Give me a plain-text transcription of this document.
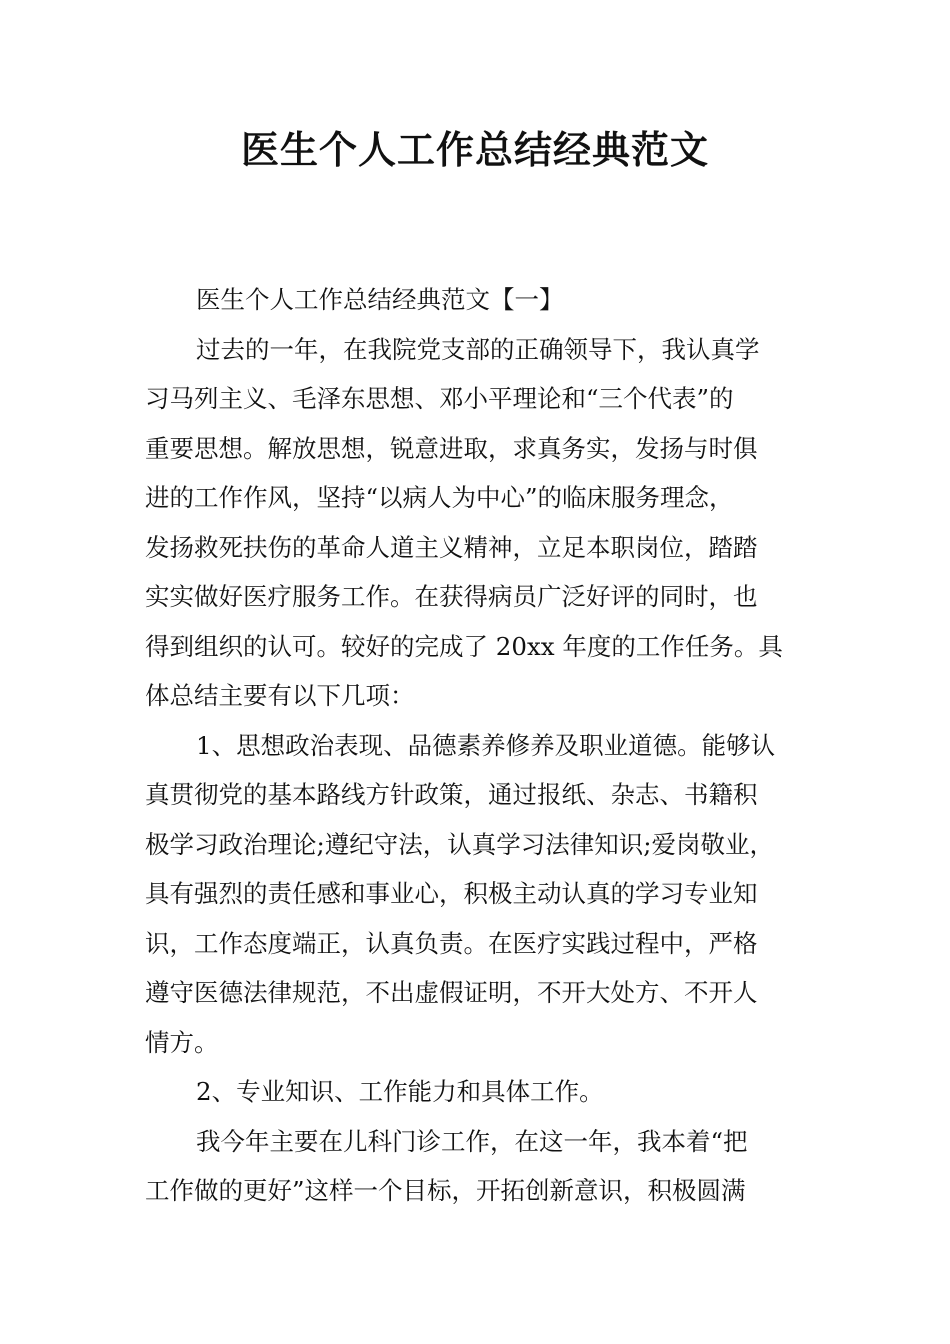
医生个人工作总结经典范文
医生个人工作总结经典范文【一】
过去的一年，在我院党支部的正确领导下，我认真学
习马列主义、毛泽东思想、邓小平理论和“三个代表”的
重要思想。解放思想，锐意进取，求真务实，发扬与时俱
进的工作作风，坚持“以病人为中心”的临床服务理念，
发扬救死扶伤的革命人道主义精神，立足本职岗位，踏踏
实实做好医疗服务工作。在获得病员广泛好评的同时，也
得到组织的认可。较好的完成了 20xx 年度的工作任务。具
体总结主要有以下几项：
1、思想政治表现、品德素养修养及职业道德。能够认
真贯彻党的基本路线方针政策，通过报纸、杂志、书籍积
极学习政治理论;遵纪守法，认真学习法律知识;爱岗敬业，
具有强烈的责任感和事业心，积极主动认真的学习专业知
识，工作态度端正，认真负责。在医疗实践过程中，严格
遵守医德法律规范，不出虚假证明，不开大处方、不开人
情方。
2、专业知识、工作能力和具体工作。
我今年主要在儿科门诊工作，在这一年，我本着“把
工作做的更好”这样一个目标，开拓创新意识，积极圆满
